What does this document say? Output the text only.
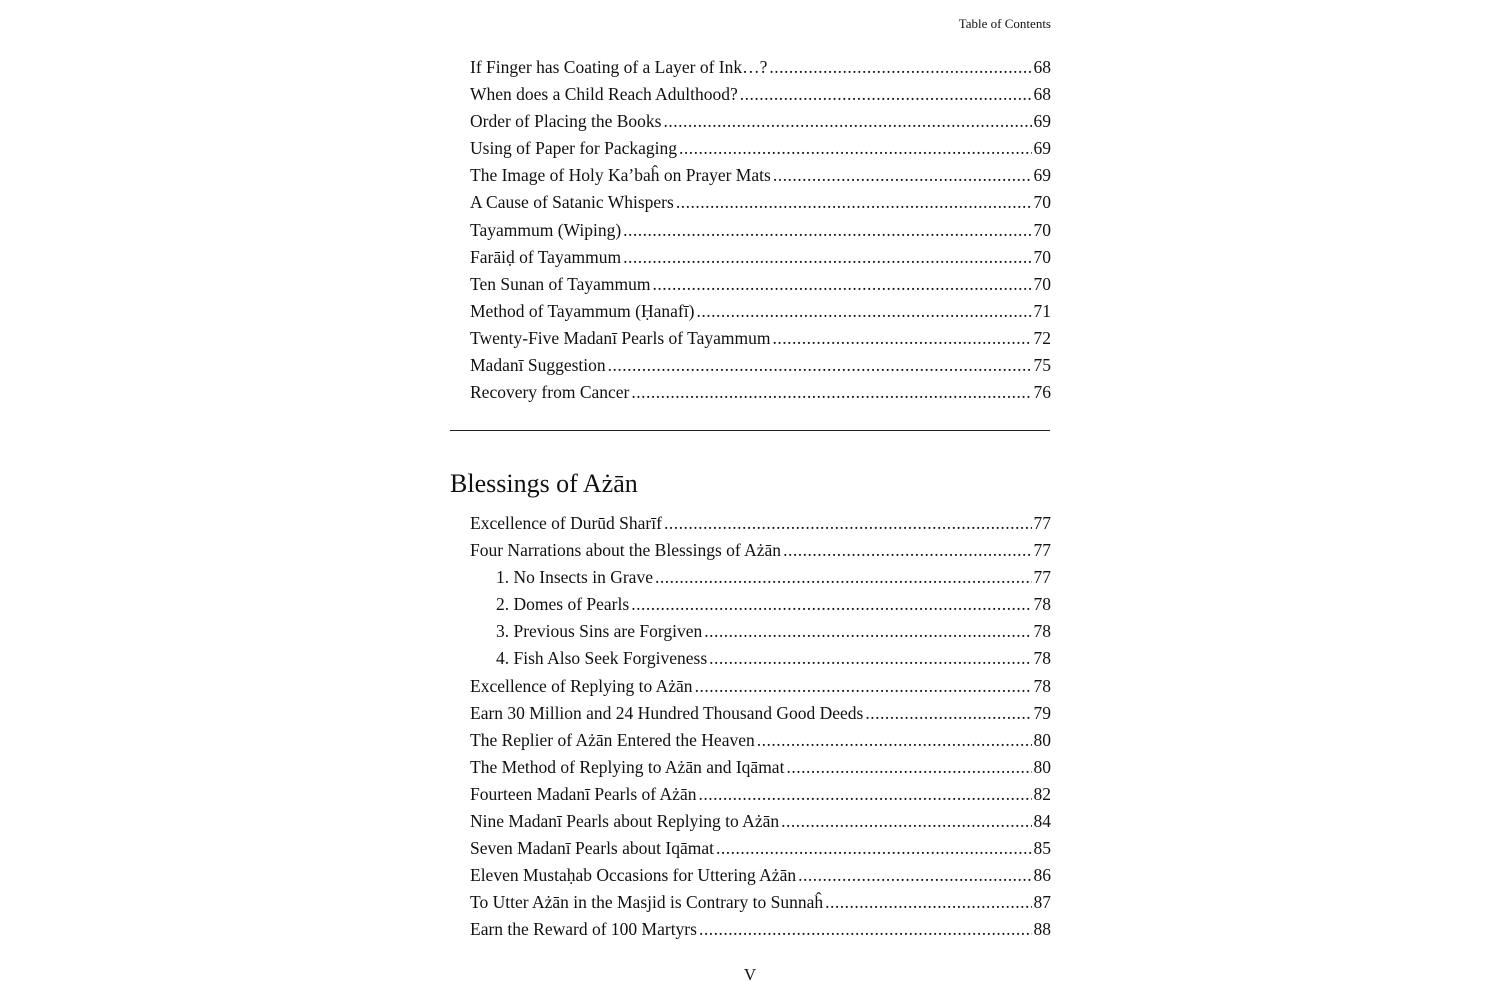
Table of Contents
If Finger has Coating of a Layer of Ink…? .....	68
When does a Child Reach Adulthood? .....	68
Order of Placing the Books .....	69
Using of Paper for Packaging .....	69
The Image of Holy Ka’baĥ on Prayer Mats .....	69
A Cause of Satanic Whispers .....	70
Tayammum (Wiping) .....	70
Farāiḍ of Tayammum .....	70
Ten Sunan of Tayammum .....	70
Method of Tayammum (Ḥanafī) .....	71
Twenty-Five Madanī Pearls of Tayammum .....	72
Madanī Suggestion .....	75
Recovery from Cancer .....	76
Blessings of Ażān
Excellence of Durūd Sharīf .....	77
Four Narrations about the Blessings of Ażān .....	77
1. No Insects in Grave .....	77
2. Domes of Pearls .....	78
3. Previous Sins are Forgiven .....	78
4. Fish Also Seek Forgiveness .....	78
Excellence of Replying to Ażān .....	78
Earn 30 Million and 24 Hundred Thousand Good Deeds .....	79
The Replier of Ażān Entered the Heaven .....	80
The Method of Replying to Ażān and Iqāmat .....	80
Fourteen Madanī Pearls of Ażān .....	82
Nine Madanī Pearls about Replying to Ażān .....	84
Seven Madanī Pearls about Iqāmat .....	85
Eleven Mustaḥab Occasions for Uttering Ażān .....	86
To Utter Ażān in the Masjid is Contrary to Sunnaĥ .....	87
Earn the Reward of 100 Martyrs .....	88
V
